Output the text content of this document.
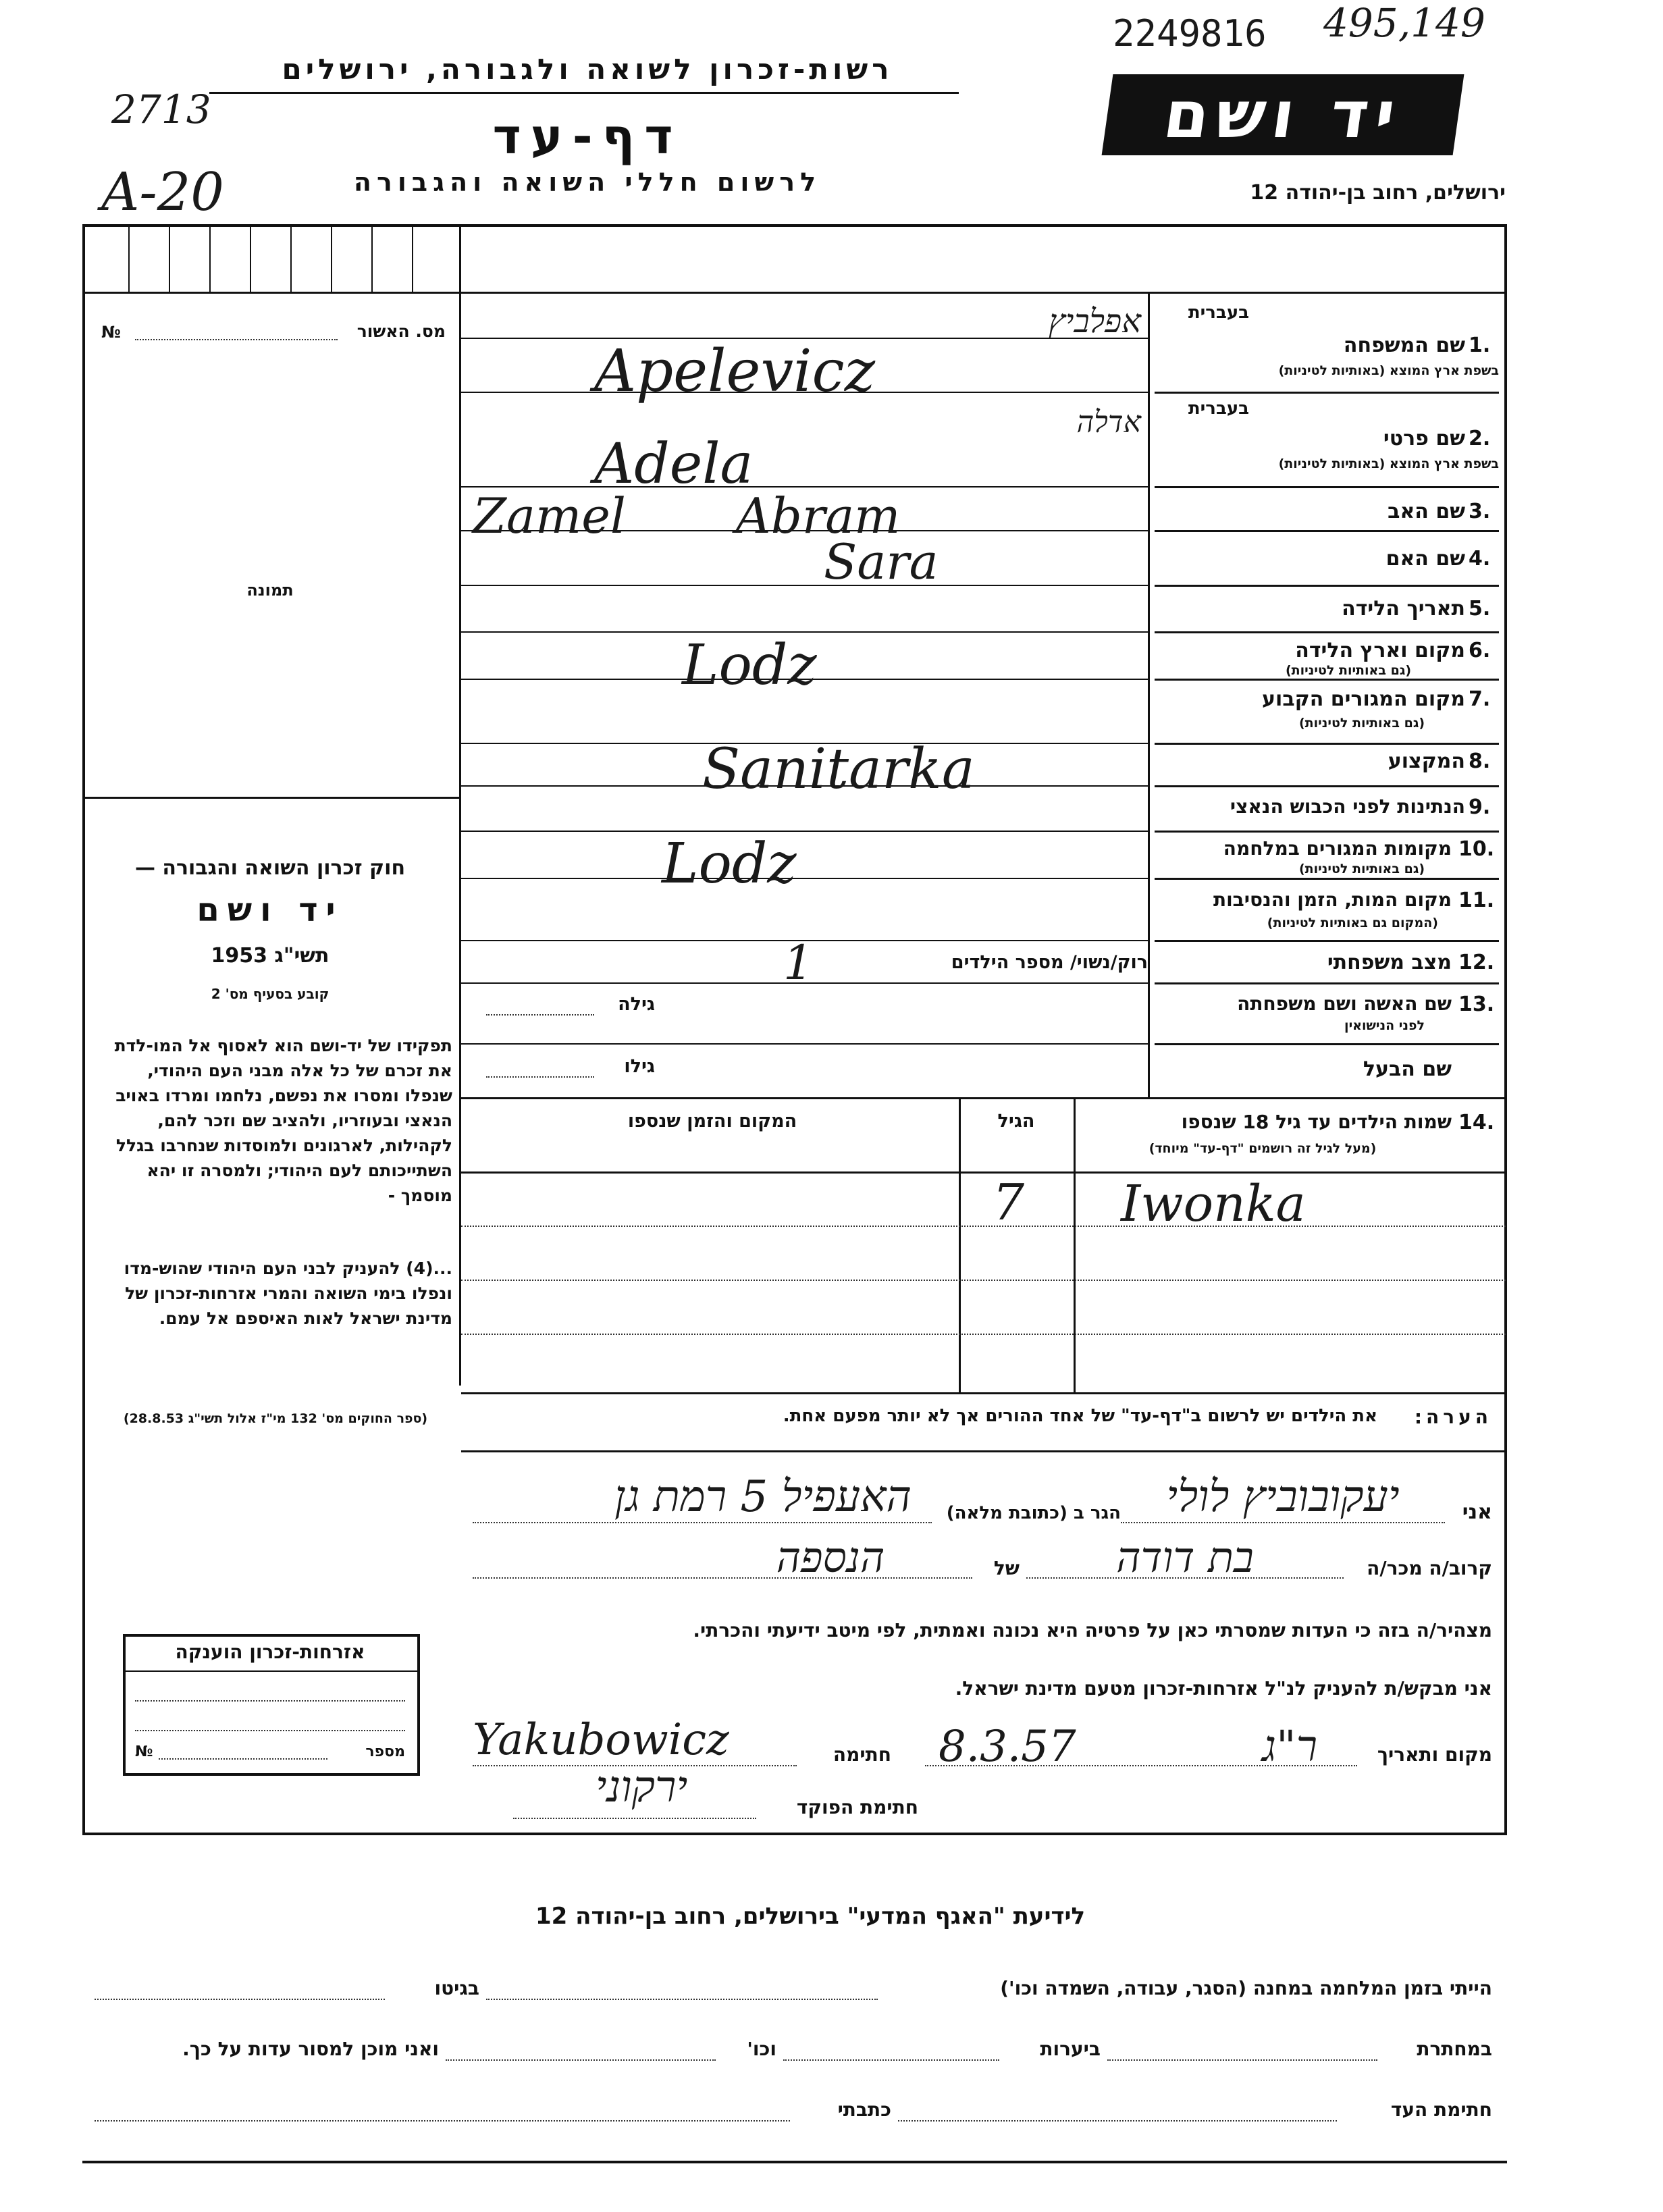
2249816 495,149
רשות-זכרון לשואה ולגבורה, ירושלים
דף-עד
לרשום חללי השואה והגבורה
2713
A-20
יד ושם
ירושלים, רחוב בן-יהודה 12
№	מס. האשור
תמונה
חוק זכרון השואה והגבורה —
יד ושם
תשי"ג 1953
קובע בסעיף מס' 2
תפקידו של יד-ושם הוא לאסוף אל המו-לדת את זכרם של כל אלה מבני העם היהודי, שנפלו ומסרו את נפשם, נלחמו ומרדו באויב הנאצי ובעוזריו, ולהציב שם וזכר להם, לקהילות, לארגונים ולמוסדות שנחרבו בגלל השתייכותם לעם היהודי; ולמסרה זו יהא מוסמך -
...(4) להעניק לבני העם היהודי שהוש-מדו ונפלו בימי השואה והמרי אזרחות-זכרון של מדינת ישראל לאות האיספם אל עמם.
(ספר החוקים מס' 132 מי"ז אלול תשי"ג 28.8.53)
בעברית
1.
שם המשפחה
בשפת ארץ המוצא (באותיות לטיניות)
בעברית
2.
שם פרטי
בשפת ארץ המוצא (באותיות לטיניות)
3.
שם האב
4.
שם האם
5.
תאריך הלידה
6.
מקום וארץ הלידה
(גם באותיות לטיניות)
7.
מקום המגורים הקבוע
(גם באותיות לטיניות)
8.
המקצוע
9.
הנתינות לפני הכבוש הנאצי
10.
מקומות המגורים במלחמה
(גם באותיות לטיניות)
11.
מקום המות, הזמן והנסיבות
(המקום גם באותיות לטיניות)
12.
מצב משפחתי
13.
שם האשה ושם משפחתה
לפני הנישואין
שם הבעל
אפלביץ
Apelevicz
אדלה
Adela
Zamel Abram
Sara
Lodz
Sanitarka
Lodz
רוק/נשוי/ מספר הילדים
1
גילה
גילו
14.
שמות הילדים עד גיל 18 שנספו
(מעל לגיל זה רושמים "דף-עד" מיוחד)
הגיל
המקום והזמן שנספו
Iwonka
7
הערה:
את הילדים יש לרשום ב"דף-עד" של אחד ההורים אך לא יותר מפעם אחת.
אני
יעקובוביץ לולי
הגר ב (כתובת מלאה)
האעפיל 5 רמת גן
קרוב/ה מכר/ה
בת דודה
של
הנספה
מצהיר/ה בזה כי העדות שמסרתי כאן על פרטיה היא נכונה ואמתית, לפי מיטב ידיעתי והכרתי.
אני מבקש/ת להעניק לנ"ל אזרחות-זכרון מטעם מדינת ישראל.
מקום ותאריך
ר"ג
8.3.57
חתימה
Yakubowicz
חתימת הפוקד
ירקוני
אזרחות-זכרון הוענקה
№	מספר
לידיעת "האגף המדעי" בירושלים, רחוב בן-יהודה 12
הייתי בזמן המלחמה במחנה (הסגר, עבודה, השמדה וכו')
בגיטו
במחתרת
ביערות
וכו'
ואני מוכן למסור עדות על כך.
חתימת העד
כתבתי
